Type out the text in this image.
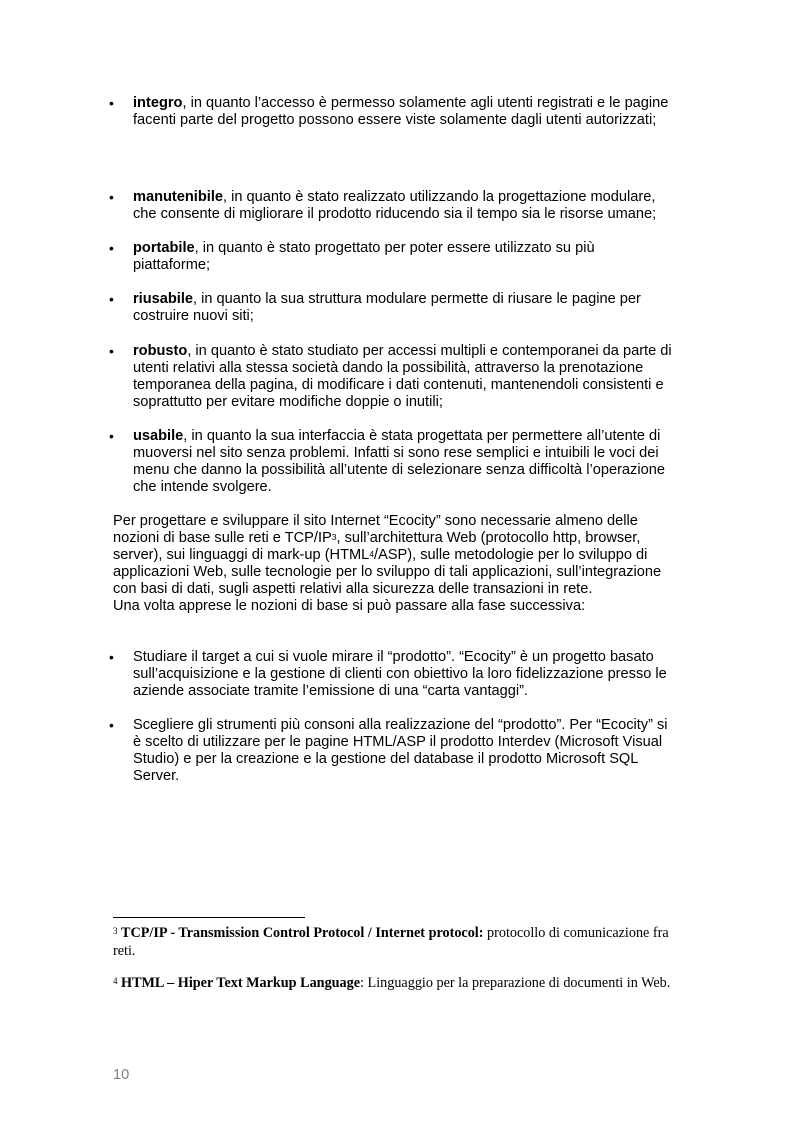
• integro, in quanto l’accesso è permesso solamente agli utenti registrati e le pagine facenti parte del progetto possono essere viste solamente dagli utenti autorizzati;

• manutenibile, in quanto è stato realizzato utilizzando la progettazione modulare, che consente di migliorare il prodotto riducendo sia il tempo sia le risorse umane;

• portabile, in quanto è stato progettato per poter essere utilizzato su più piattaforme;

• riusabile, in quanto la sua struttura modulare permette di riusare le pagine per costruire nuovi siti;

• robusto, in quanto è stato studiato per accessi multipli e contemporanei da parte di utenti relativi alla stessa società dando la possibilità, attraverso la prenotazione temporanea della pagina, di modificare i dati contenuti, mantenendoli consistenti e soprattutto per evitare modifiche doppie o inutili;

• usabile, in quanto la sua interfaccia è stata progettata per permettere all’utente di muoversi nel sito senza problemi. Infatti si sono rese semplici e intuibili le voci dei menu che danno la possibilità all’utente di selezionare senza difficoltà l’operazione che intende svolgere.

Per progettare e sviluppare il sito Internet “Ecocity” sono necessarie almeno delle nozioni di base sulle reti e TCP/$IP^3$, sull’architettura Web (protocollo http, browser, server), sui linguaggi di mark-up (HTML$^4$/ASP), sulle metodologie per lo sviluppo di applicazioni Web, sulle tecnologie per lo sviluppo di tali applicazioni, sull’integrazione con basi di dati, sugli aspetti relativi alla sicurezza delle transazioni in rete.
Una volta apprese le nozioni di base si può passare alla fase successiva:

• Studiare il target a cui si vuole mirare il “prodotto”. “Ecocity” è un progetto basato sull’acquisizione e la gestione di clienti con obiettivo la loro fidelizzazione presso le aziende associate tramite l’emissione di una “carta vantaggi”.

• Scegliere gli strumenti più consoni alla realizzazione del “prodotto”. Per “Ecocity” si è scelto di utilizzare per le pagine HTML/ASP il prodotto Interdev (Microsoft Visual Studio) e per la creazione e la gestione del database il prodotto Microsoft SQL Server.

$^3$ TCP/IP - Transmission Control Protocol / Internet protocol: protocollo di comunicazione fra reti.

$^4$ HTML – Hiper Text Markup Language: Linguaggio per la preparazione di documenti in Web.

10
